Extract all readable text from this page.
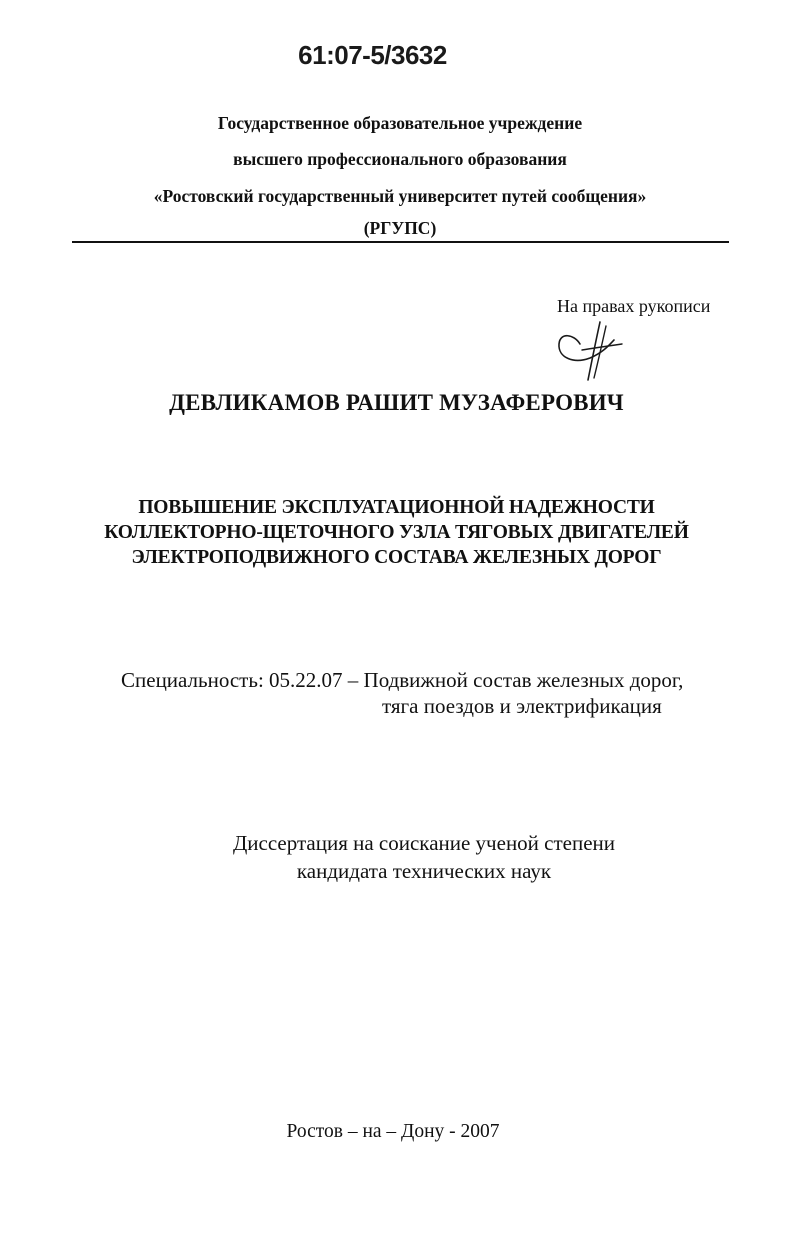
61:07-5/3632
Государственное образовательное учреждение
высшего профессионального образования
«Ростовский государственный университет путей сообщения»
(РГУПС)
На правах рукописи
ДЕВЛИКАМОВ РАШИТ МУЗАФЕРОВИЧ
ПОВЫШЕНИЕ ЭКСПЛУАТАЦИОННОЙ НАДЕЖНОСТИ
КОЛЛЕКТОРНО-ЩЕТОЧНОГО УЗЛА ТЯГОВЫХ ДВИГАТЕЛЕЙ
ЭЛЕКТРОПОДВИЖНОГО СОСТАВА ЖЕЛЕЗНЫХ ДОРОГ
Специальность: 05.22.07 – Подвижной состав железных дорог,
тяга поездов и электрификация
Диссертация на соискание ученой степени
кандидата технических наук
Ростов – на – Дону - 2007
